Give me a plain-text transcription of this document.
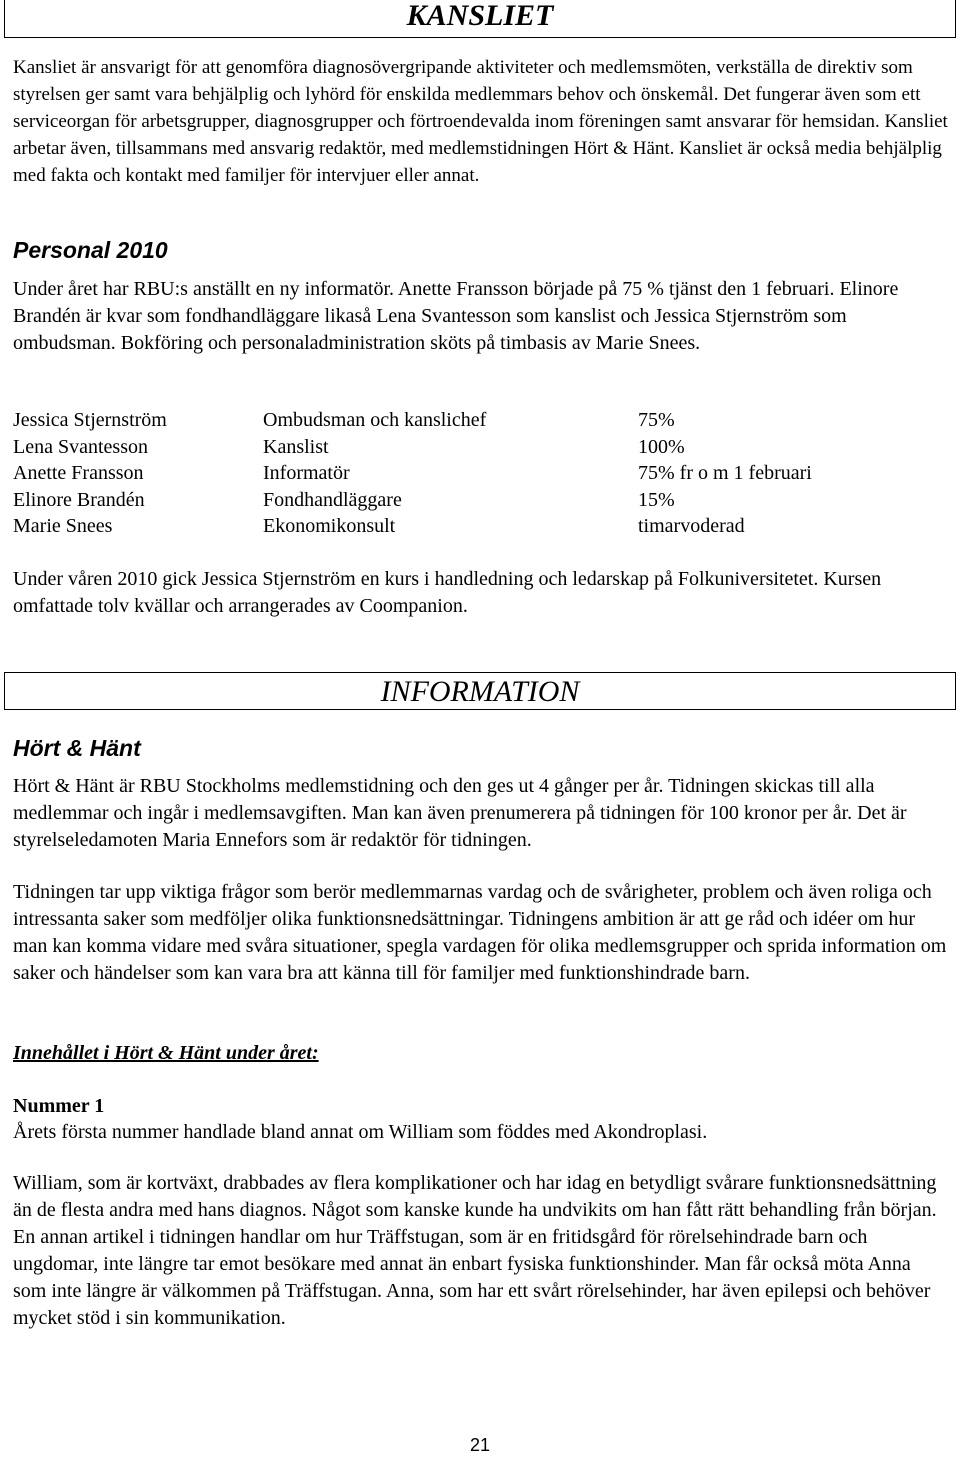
KANSLIET

Kansliet är ansvarigt för att genomföra diagnosövergripande aktiviteter och medlemsmöten, verkställa de direktiv som styrelsen ger samt vara behjälplig och lyhörd för enskilda medlemmars behov och önskemål. Det fungerar även som ett serviceorgan för arbetsgrupper, diagnosgrupper och förtroendevalda inom föreningen samt ansvarar för hemsidan. Kansliet arbetar även, tillsammans med ansvarig redaktör, med medlemstidningen Hört & Hänt. Kansliet är också media behjälplig med fakta och kontakt med familjer för intervjuer eller annat.

Personal 2010

Under året har RBU:s anställt en ny informatör. Anette Fransson började på 75 % tjänst den 1 februari. Elinore Brandén är kvar som fondhandläggare likaså Lena Svantesson som kanslist och Jessica Stjernström som ombudsman. Bokföring och personaladministration sköts på timbasis av Marie Snees.

Jessica Stjernström	Ombudsman och kanslichef	75%
Lena Svantesson	Kanslist	100%
Anette Fransson	Informatör	75% fr o m 1 februari
Elinore Brandén	Fondhandläggare	15%
Marie Snees	Ekonomikonsult	timarvoderad

Under våren 2010 gick Jessica Stjernström en kurs i handledning och ledarskap på Folkuniversitetet. Kursen omfattade tolv kvällar och arrangerades av Coompanion.

INFORMATION
Hört & Hänt

Hört & Hänt är RBU Stockholms medlemstidning och den ges ut 4 gånger per år. Tidningen skickas till alla medlemmar och ingår i medlemsavgiften. Man kan även prenumerera på tidningen för 100 kronor per år. Det är styrelseledamoten Maria Ennefors som är redaktör för tidningen.

Tidningen tar upp viktiga frågor som berör medlemmarnas vardag och de svårigheter, problem och även roliga och intressanta saker som medföljer olika funktionsnedsättningar. Tidningens ambition är att ge råd och idéer om hur man kan komma vidare med svåra situationer, spegla vardagen för olika medlemsgrupper och sprida information om saker och händelser som kan vara bra att känna till för familjer med funktionshindrade barn.

Innehållet i Hört & Hänt under året:
Nummer 1

Årets första nummer handlade bland annat om William som föddes med Akondroplasi.

William, som är kortväxt, drabbades av flera komplikationer och har idag en betydligt svårare funktionsnedsättning än de flesta andra med hans diagnos. Något som kanske kunde ha undvikits om han fått rätt behandling från början. En annan artikel i tidningen handlar om hur Träffstugan, som är en fritidsgård för rörelsehindrade barn och ungdomar, inte längre tar emot besökare med annat än enbart fysiska funktionshinder. Man får också möta Anna som inte längre är välkommen på Träffstugan. Anna, som har ett svårt rörelsehinder, har även epilepsi och behöver mycket stöd i sin kommunikation.

21
